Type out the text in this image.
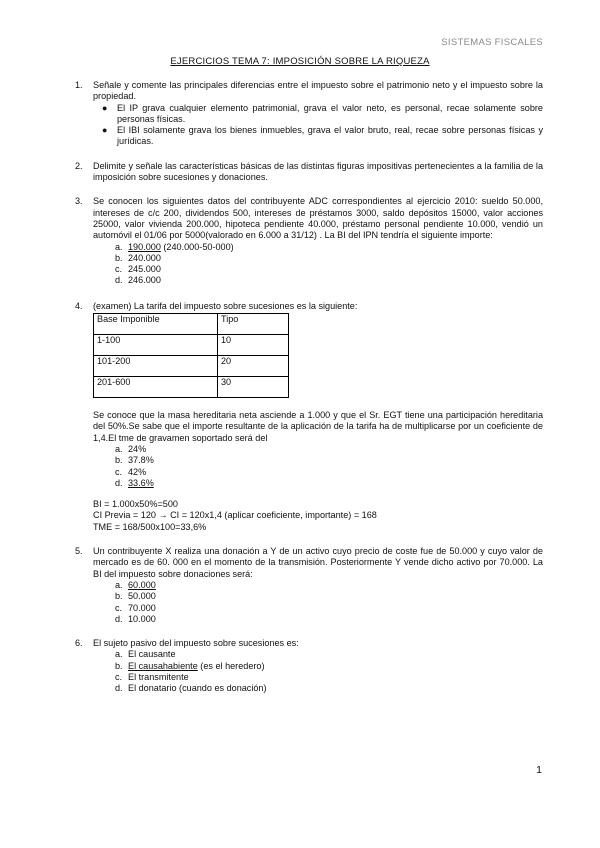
SISTEMAS FISCALES
EJERCICIOS TEMA 7: IMPOSICIÓN SOBRE LA RIQUEZA
1. Señale y comente las principales diferencias entre el impuesto sobre el patrimonio neto y el impuesto sobre la propiedad.
● El IP grava cualquier elemento patrimonial, grava el valor neto, es personal, recae solamente sobre personas físicas.
● El IBI solamente grava los bienes inmuebles, grava el valor bruto, real, recae sobre personas físicas y jurídicas.
2. Delimite y señale las características básicas de las distintas figuras impositivas pertenecientes a la familia de la imposición sobre sucesiones y donaciones.
3. Se conocen los siguientes datos del contribuyente ADC correspondientes al ejercicio 2010: sueldo 50.000, intereses de c/c 200, dividendos 500, intereses de préstamos 3000, saldo depósitos 15000, valor acciones 25000, valor vivienda 200.000, hipoteca pendiente 40.000, préstamo personal pendiente 10.000, vendió un automóvil el 01/06 por 5000(valorado en 6.000 a 31/12) . La BI del IPN tendría el siguiente importe:
a. 190.000 (240.000-50-000)
b. 240.000
c. 245.000
d. 246.000
4. (examen) La tarifa del impuesto sobre sucesiones es la siguiente:
Base Imponible	Tipo
1-100	10
101-200	20
201-600	30
Se conoce que la masa hereditaria neta asciende a 1.000 y que el Sr. EGT tiene una participación hereditaria del 50%.Se sabe que el importe resultante de la aplicación de la tarifa ha de multiplicarse por un coeficiente de 1,4.El tme de gravamen soportado será del
a. 24%
b. 37.8%
c. 42%
d. 33.6%
BI = 1.000x50%=500
CI Previa = 120 → CI = 120x1,4 (aplicar coeficiente, importante) = 168
TME = 168/500x100=33,6%
5. Un contribuyente X realiza una donación a Y de un activo cuyo precio de coste fue de 50.000 y cuyo valor de mercado es de 60. 000 en el momento de la transmisión. Posteriormente Y vende dicho activo por 70.000. La BI del impuesto sobre donaciones será:
a. 60.000
b. 50.000
c. 70.000
d. 10.000
6. El sujeto pasivo del impuesto sobre sucesiones es:
a. El causante
b. El causahabiente (es el heredero)
c. El transmitente
d. El donatario (cuando es donación)
1
